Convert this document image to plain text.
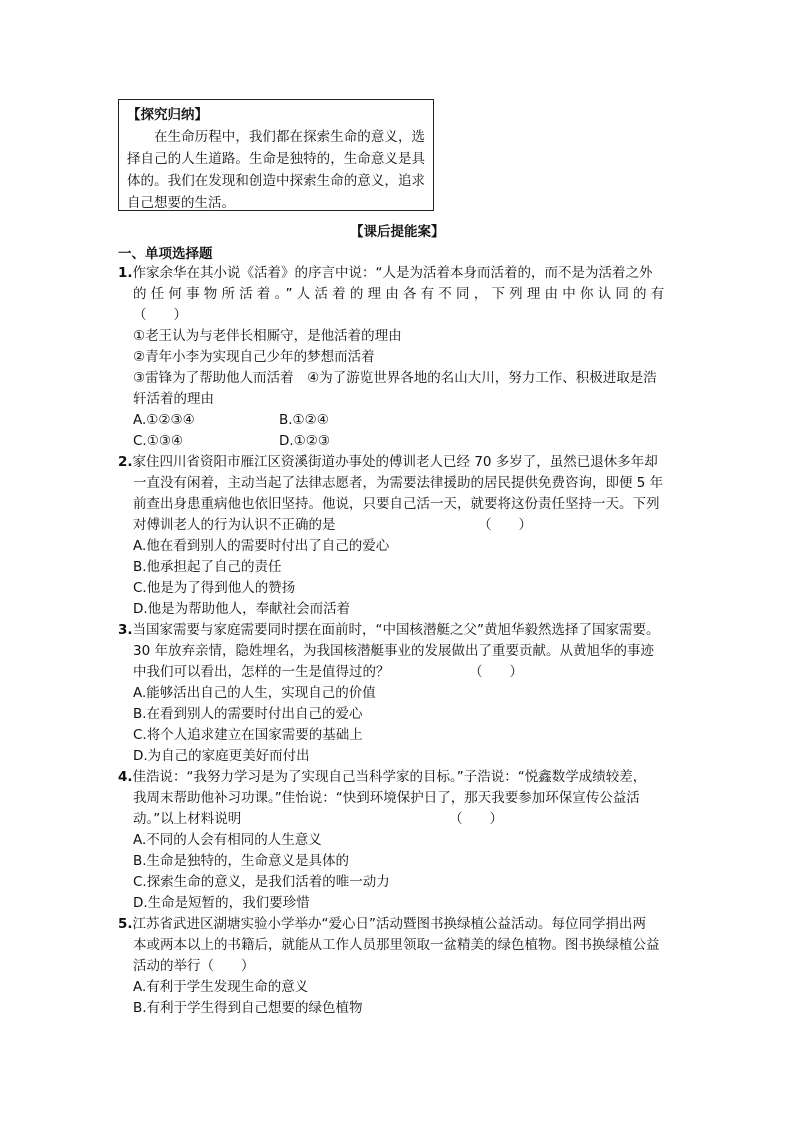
【探究归纳】
在生命历程中，我们都在探索生命的意义，选择自己的人生道路。生命是独特的，生命意义是具体的。我们在发现和创造中探索生命的意义，追求自己想要的生活。
【课后提能案】
一、单项选择题
1.作家余华在其小说《活着》的序言中说：“人是为活着本身而活着的，而不是为活着之外
的任何事物所活着。”人活着的理由各有不同，下列理由中你认同的有
（　　）
①老王认为与老伴长相厮守，是他活着的理由
②青年小李为实现自己少年的梦想而活着
③雷锋为了帮助他人而活着　④为了游览世界各地的名山大川，努力工作、积极进取是浩
轩活着的理由
A.①②③④	B.①②④
C.①③④	D.①②③
2.家住四川省资阳市雁江区资溪街道办事处的傅训老人已经 70 多岁了，虽然已退休多年却
一直没有闲着，主动当起了法律志愿者，为需要法律援助的居民提供免费咨询，即便 5 年
前查出身患重病他也依旧坚持。他说，只要自己活一天，就要将这份责任坚持一天。下列
对傅训老人的行为认识不正确的是	（　　）
A.他在看到别人的需要时付出了自己的爱心
B.他承担起了自己的责任
C.他是为了得到他人的赞扬
D.他是为帮助他人，奉献社会而活着
3.当国家需要与家庭需要同时摆在面前时，“中国核潜艇之父”黄旭华毅然选择了国家需要。
30 年放弃亲情，隐姓埋名，为我国核潜艇事业的发展做出了重要贡献。从黄旭华的事迹
中我们可以看出，怎样的一生是值得过的？	（　　）
A.能够活出自己的人生，实现自己的价值
B.在看到别人的需要时付出自己的爱心
C.将个人追求建立在国家需要的基础上
D.为自己的家庭更美好而付出
4.佳浩说：“我努力学习是为了实现自己当科学家的目标。”子浩说：“悦鑫数学成绩较差，
我周末帮助他补习功课。”佳怡说：“快到环境保护日了，那天我要参加环保宣传公益活
动。”以上材料说明	（　　）
A.不同的人会有相同的人生意义
B.生命是独特的，生命意义是具体的
C.探索生命的意义，是我们活着的唯一动力
D.生命是短暂的，我们要珍惜
5.江苏省武进区湖塘实验小学举办“爱心日”活动暨图书换绿植公益活动。每位同学捐出两
本或两本以上的书籍后，就能从工作人员那里领取一盆精美的绿色植物。图书换绿植公益
活动的举行（　　）
A.有利于学生发现生命的意义
B.有利于学生得到自己想要的绿色植物
